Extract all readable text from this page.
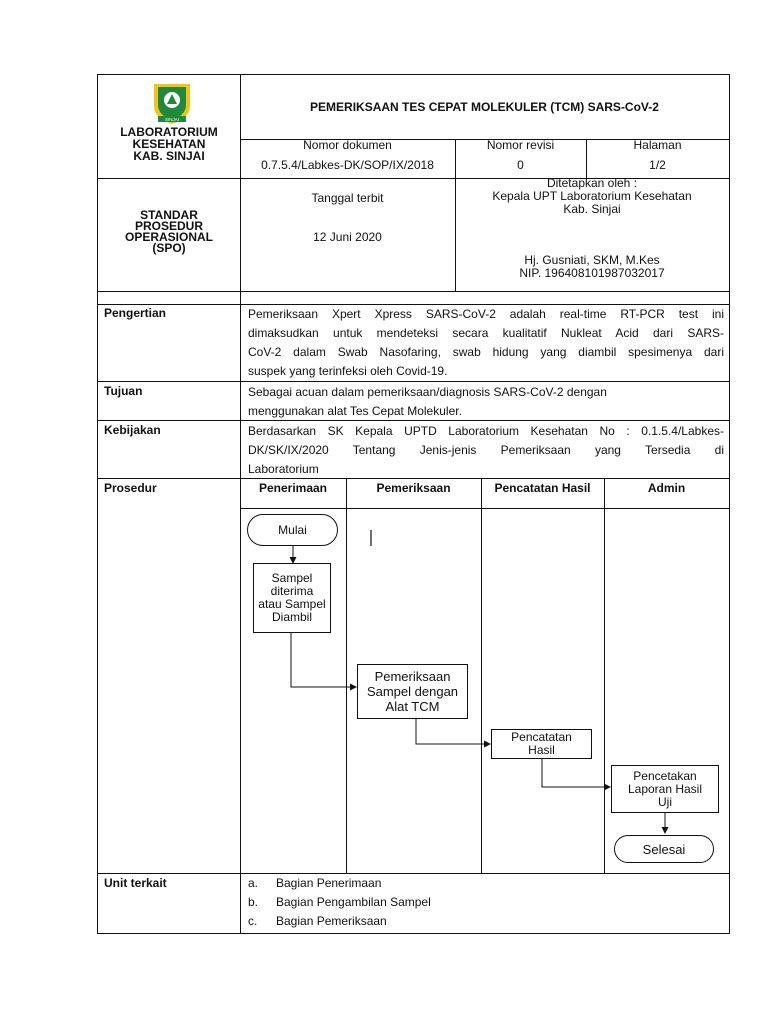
SINJAI
LABORATORIUM
KESEHATAN
KAB. SINJAI
PEMERIKSAAN TES CEPAT MOLEKULER (TCM) SARS-CoV-2
Nomor dokumen
0.7.5.4/Labkes-DK/SOP/IX/2018
Nomor revisi
0
Halaman
1/2
STANDAR
PROSEDUR
OPERASIONAL
(SPO)
Tanggal terbit
12 Juni 2020
Ditetapkan oleh :
Kepala UPT Laboratorium Kesehatan
Kab. Sinjai
Hj. Gusniati, SKM, M.Kes
NIP. 196408101987032017
Pengertian	Pemeriksaan Xpert Xpress SARS-CoV-2 adalah real-time RT-PCR test ini
dimaksudkan untuk mendeteksi secara kualitatif Nukleat Acid dari SARS-
CoV-2 dalam Swab Nasofaring, swab hidung yang diambil spesimenya dari
suspek yang terinfeksi oleh Covid-19.
Tujuan	Sebagai acuan dalam pemeriksaan/diagnosis SARS-CoV-2 dengan
menggunakan alat Tes Cepat Molekuler.
Kebijakan	Berdasarkan SK Kepala UPTD Laboratorium Kesehatan No : 0.1.5.4/Labkes-
DK/SK/IX/2020 Tentang Jenis-jenis Pemeriksaan yang Tersedia di
Laboratorium
Prosedur	Penerimaan	Pemeriksaan	Pencatatan Hasil	Admin
Mulai
Sampel
diterima
atau Sampel
Diambil
Pemeriksaan
Sampel dengan
Alat TCM
Pencatatan
Hasil
Pencetakan
Laporan Hasil
Uji
Selesai
Unit terkait	a.	Bagian Penerimaan
b.	Bagian Pengambilan Sampel
c.	Bagian Pemeriksaan
